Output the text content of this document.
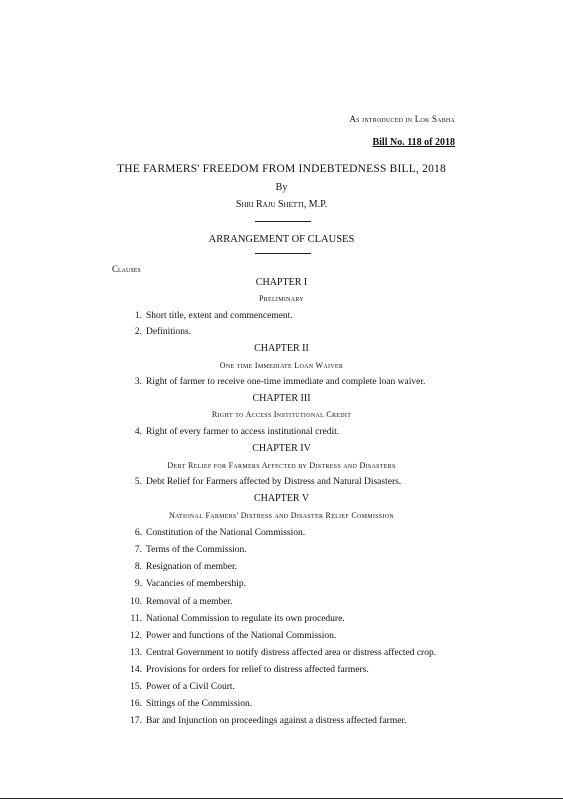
As introduced in Lok Sabha
Bill No. 118 of 2018
THE FARMERS' FREEDOM FROM INDEBTEDNESS BILL, 2018
By
Shri Raju Shetti, M.P.
ARRANGEMENT OF CLAUSES
Clauses
CHAPTER I
Preliminary
1. Short title, extent and commencement.
2. Definitions.
CHAPTER II
One time Immediate Loan Waiver
3. Right of farmer to receive one-time immediate and complete loan waiver.
CHAPTER III
Right to Access Institutional Credit
4. Right of every farmer to access institutional credit.
CHAPTER IV
Debt Relief for Farmers Affected by Distress and Disasters
5. Debt Relief for Farmers affected by Distress and Natural Disasters.
CHAPTER V
National Farmers' Distress and Disaster Relief Commission
6. Constitution of the National Commission.
7. Terms of the Commission.
8. Resignation of member.
9. Vacancies of membership.
10. Removal of a member.
11. National Commission to regulate its own procedure.
12. Power and functions of the National Commission.
13. Central Government to notify distress affected area or distress affected crop.
14. Provisions for orders for relief to distress affected farmers.
15. Power of a Civil Court.
16. Sittings of the Commission.
17. Bar and Injunction on proceedings against a distress affected farmer.
